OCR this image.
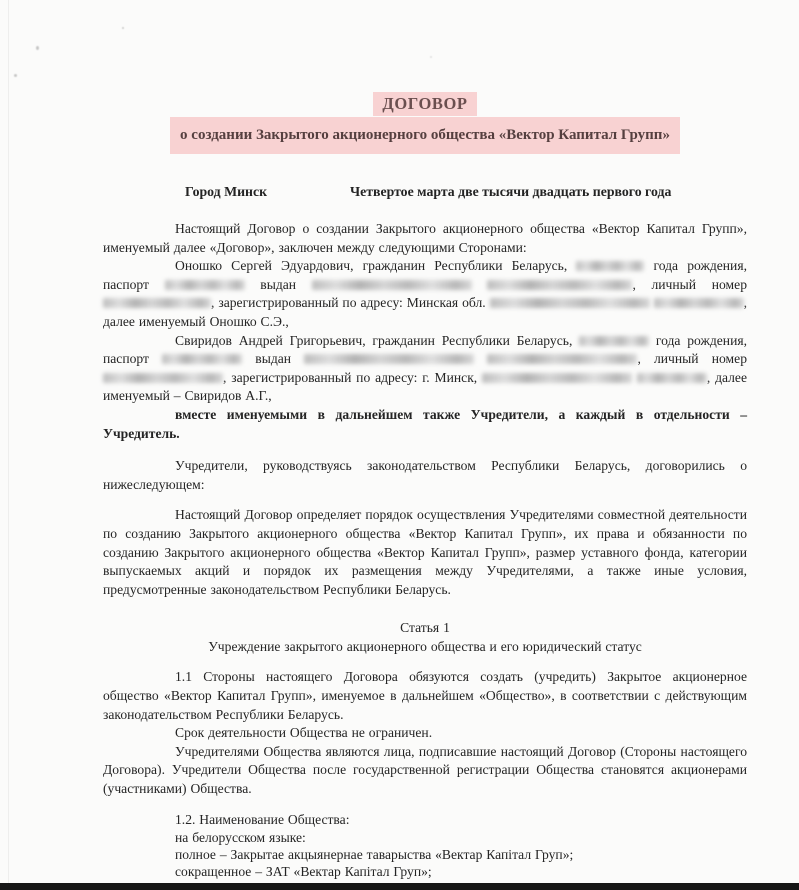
ДОГОВОР
о создании Закрытого акционерного общества «Вектор Капитал Групп»
Город Минск	Четвертое марта две тысячи двадцать первого года

Настоящий Договор о создании Закрытого акционерного общества «Вектор Капитал Групп», именуемый далее «Договор», заключен между следующими Сторонами:

Оношко Сергей Эдуардович, гражданин Республики Беларусь,	года рождения, паспорт	выдан	, личный номер , зарегистрированный по адресу: Минская обл.	, далее именуемый Оношко С.Э.,

Свиридов Андрей Григорьевич, гражданин Республики Беларусь,	года рождения, паспорт	выдан	, личный номер , зарегистрированный по адресу: г. Минск,	, далее именуемый – Свиридов А.Г.,

вместе именуемыми в дальнейшем также Учредители, а каждый в отдельности – Учредитель.

Учредители, руководствуясь законодательством Республики Беларусь, договорились о нижеследующем:

Настоящий Договор определяет порядок осуществления Учредителями совместной деятельности по созданию Закрытого акционерного общества «Вектор Капитал Групп», их права и обязанности по созданию Закрытого акционерного общества «Вектор Капитал Групп», размер уставного фонда, категории выпускаемых акций и порядок их размещения между Учредителями, а также иные условия, предусмотренные законодательством Республики Беларусь.

Статья 1

Учреждение закрытого акционерного общества и его юридический статус

1.1 Стороны настоящего Договора обязуются создать (учредить) Закрытое акционерное общество «Вектор Капитал Групп», именуемое в дальнейшем «Общество», в соответствии с действующим законодательством Республики Беларусь.

Срок деятельности Общества не ограничен.

Учредителями Общества являются лица, подписавшие настоящий Договор (Стороны настоящего Договора). Учредители Общества после государственной регистрации Общества становятся акционерами (участниками) Общества.

1.2. Наименование Общества:

на белорусском языке:

полное – Закрытае акцыянернае таварыства «Вектар Капітал Груп»;

сокращенное – ЗАТ «Вектар Капітал Груп»;
